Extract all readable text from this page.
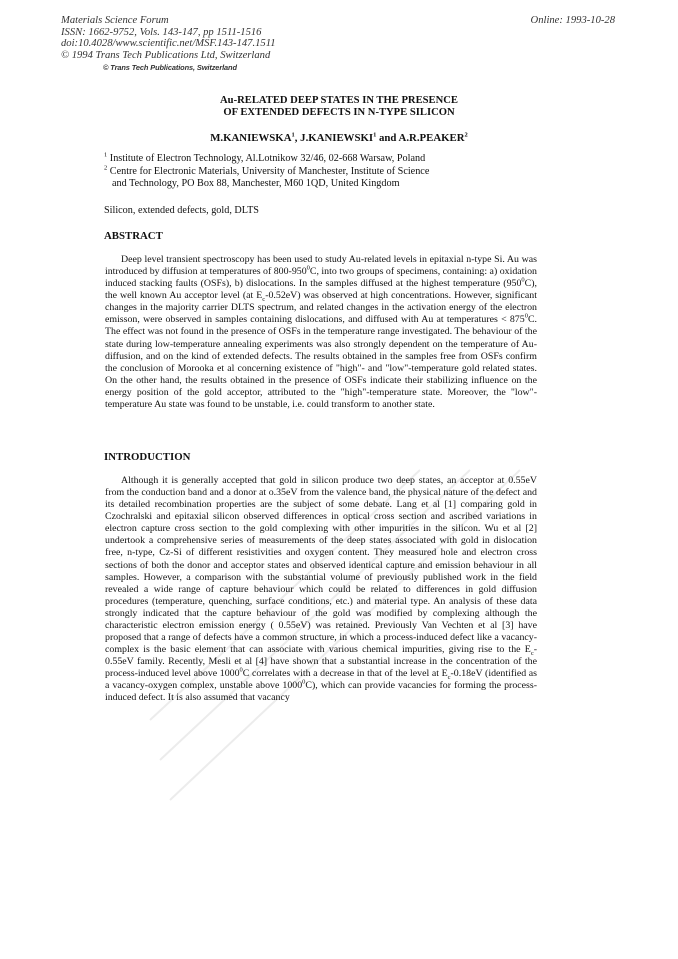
Materials Science Forum
ISSN: 1662-9752, Vols. 143-147, pp 1511-1516
doi:10.4028/www.scientific.net/MSF.143-147.1511
© 1994 Trans Tech Publications Ltd, Switzerland
Online: 1993-10-28
© Trans Tech Publications, Switzerland
Au-RELATED DEEP STATES IN THE PRESENCE
OF EXTENDED DEFECTS IN N-TYPE SILICON
M.KANIEWSKA$^1$, J.KANIEWSKI$^1$ and A.R.PEAKER$^2$
$^1$ Institute of Electron Technology, Al.Lotnikow 32/46, 02-668 Warsaw, Poland
$^2$ Centre for Electronic Materials, University of Manchester, Institute of Science
and Technology, PO Box 88, Manchester, M60 1QD, United Kingdom
Silicon, extended defects, gold, DLTS
ABSTRACT
Deep level transient spectroscopy has been used to study Au-related levels in epitaxial n-type Si. Au was introduced by diffusion at temperatures of $800-950^0C$, into two groups of specimens, containing: a) oxidation induced stacking faults (OSFs), b) dislocations. In the samples diffused at the highest temperature $(950^0C)$, the well known Au acceptor level (at $E_c-0.52eV$) was observed at high concentrations. However, significant changes in the majority carrier DLTS spectrum, and related changes in the activation energy of the electron emisson, were observed in samples containing dislocations, and diffused with Au at temperatures < $875^0C$. The effect was not found in the presence of OSFs in the temperature range investigated. The behaviour of the state during low-temperature annealing experiments was also strongly dependent on the temperature of Au-diffusion, and on the kind of extended defects. The results obtained in the samples free from OSFs confirm the conclusion of Morooka et al concerning existence of "high"- and "low"-temperature gold related states. On the other hand, the results obtained in the presence of OSFs indicate their stabilizing influence on the energy position of the gold acceptor, attributed to the "high"-temperature state. Moreover, the "low"-temperature Au state was found to be unstable, i.e. could transform to another state.
INTRODUCTION
Although it is generally accepted that gold in silicon produce two deep states, an acceptor at 0.55eV from the conduction band and a donor at o.35eV from the valence band, the physical nature of the defect and its detailed recombination properties are the subject of some debate. Lang et al [1] comparing gold in Czochralski and epitaxial silicon observed differences in optical cross section and ascribed variations in electron capture cross section to the gold complexing with other impurities in the silicon. Wu et al [2] undertook a comprehensive series of measurements of the deep states associated with gold in dislocation free, n-type, Cz-Si of different resistivities and oxygen content. They measured hole and electron cross sections of both the donor and acceptor states and observed identical capture and emission behaviour in all samples. However, a comparison with the substantial volume of previously published work in the field revealed a wide range of capture behaviour which could be related to differences in gold diffusion procedures (temperature, quenching, surface conditions, etc.) and material type. An analysis of these data strongly indicated that the capture behaviour of the gold was modified by complexing although the characteristic electron emission energy ( 0.55eV) was retained. Previously Van Vechten et al [3] have proposed that a range of defects have a common structure, in which a process-induced defect like a vacancy-complex is the basic element that can associate with various chemical impurities, giving rise to the $E_c-0.55eV$ family. Recently, Mesli et al [4] have shown that a substantial increase in the concentration of the process-induced level above 1000$^0$C correlates with a decrease in that of the level at $E_c-0.18eV$ (identified as a vacancy-oxygen complex, unstable above 1000$^0$C), which can provide vacancies for forming the process-induced defect. It is also assumed that vacancy
